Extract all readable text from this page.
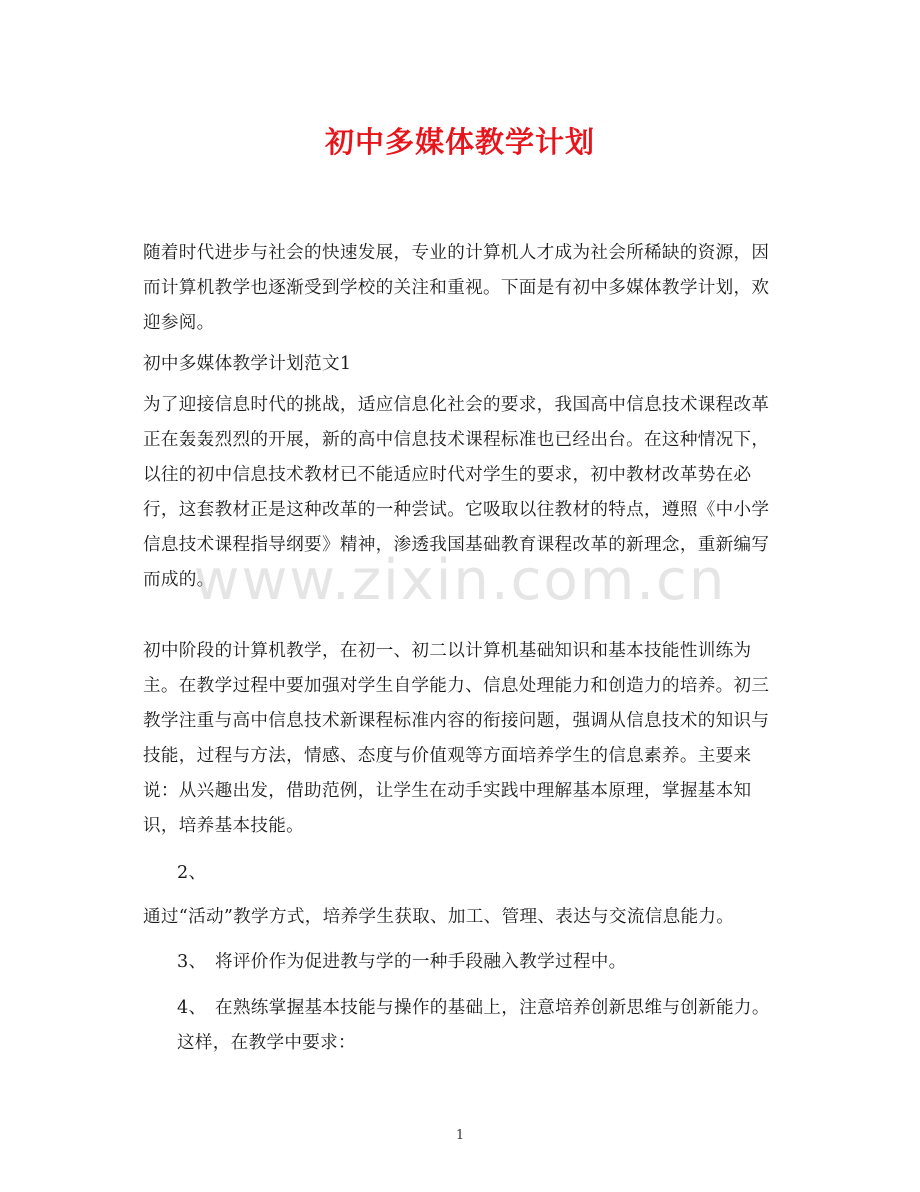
初中多媒体教学计划

随着时代进步与社会的快速发展，专业的计算机人才成为社会所稀缺的资源，因而计算机教学也逐渐受到学校的关注和重视。下面是有初中多媒体教学计划，欢迎参阅。

初中多媒体教学计划范文1

为了迎接信息时代的挑战，适应信息化社会的要求，我国高中信息技术课程改革正在轰轰烈烈的开展，新的高中信息技术课程标准也已经出台。在这种情况下，以往的初中信息技术教材已不能适应时代对学生的要求，初中教材改革势在必行，这套教材正是这种改革的一种尝试。它吸取以往教材的特点，遵照《中小学信息技术课程指导纲要》精神，渗透我国基础教育课程改革的新理念，重新编写而成的。

www.zixin.com.cn

初中阶段的计算机教学，在初一、初二以计算机基础知识和基本技能性训练为主。在教学过程中要加强对学生自学能力、信息处理能力和创造力的培养。初三教学注重与高中信息技术新课程标准内容的衔接问题，强调从信息技术的知识与技能，过程与方法，情感、态度与价值观等方面培养学生的信息素养。主要来说：从兴趣出发，借助范例，让学生在动手实践中理解基本原理，掌握基本知识，培养基本技能。

2、

通过“活动”教学方式，培养学生获取、加工、管理、表达与交流信息能力。

3、 将评价作为促进教与学的一种手段融入教学过程中。

4、 在熟练掌握基本技能与操作的基础上，注意培养创新思维与创新能力。

这样，在教学中要求：

1
